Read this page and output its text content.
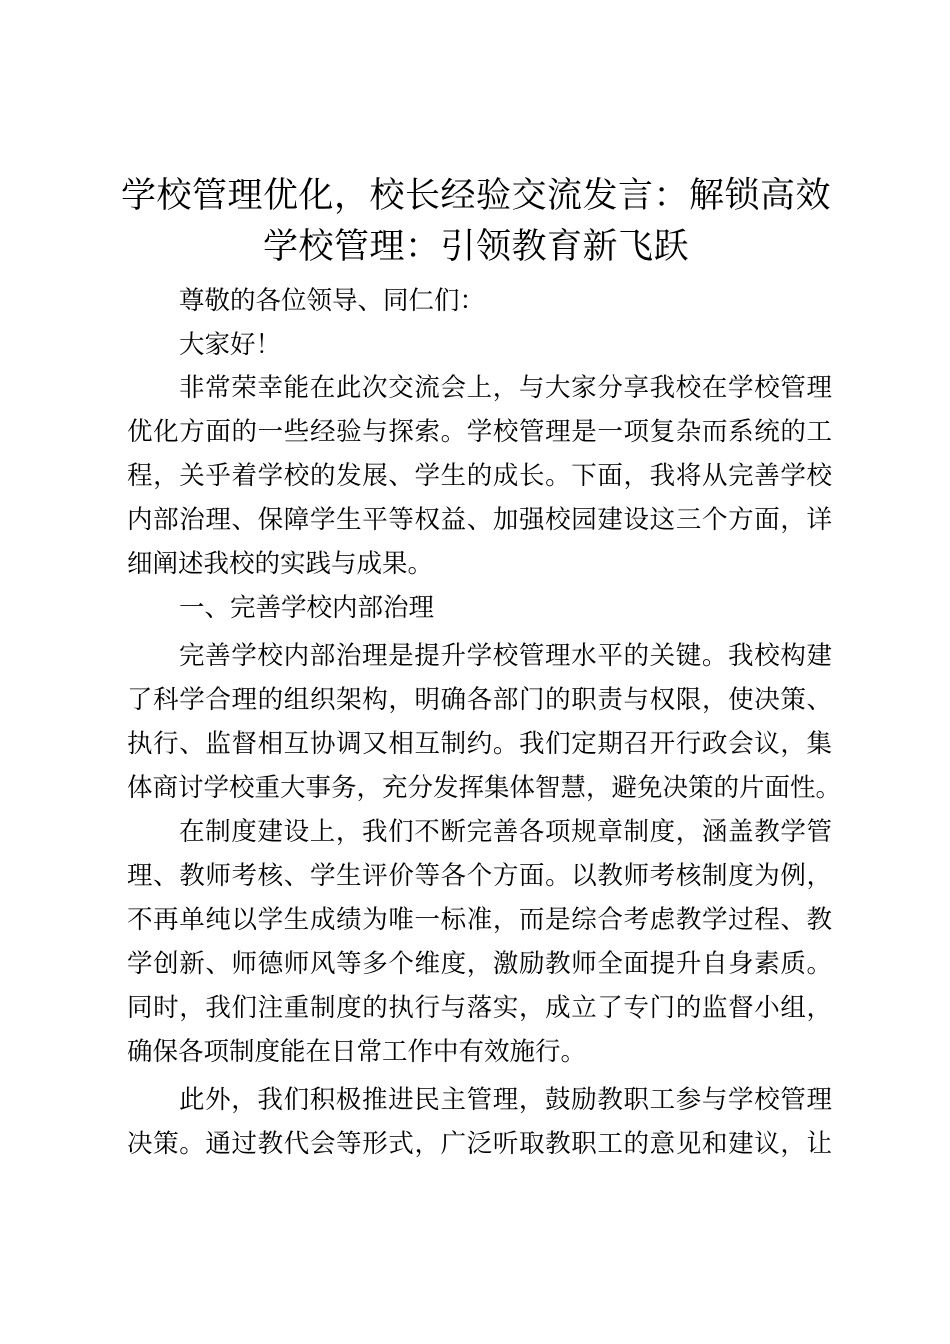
学校管理优化，校长经验交流发言：解锁高效
学校管理：引领教育新飞跃
尊敬的各位领导、同仁们：
大家好！
非常荣幸能在此次交流会上，与大家分享我校在学校管理
优化方面的一些经验与探索。学校管理是一项复杂而系统的工
程，关乎着学校的发展、学生的成长。下面，我将从完善学校
内部治理、保障学生平等权益、加强校园建设这三个方面，详
细阐述我校的实践与成果。
一、完善学校内部治理
完善学校内部治理是提升学校管理水平的关键。我校构建
了科学合理的组织架构，明确各部门的职责与权限，使决策、
执行、监督相互协调又相互制约。我们定期召开行政会议，集
体商讨学校重大事务，充分发挥集体智慧，避免决策的片面性。
在制度建设上，我们不断完善各项规章制度，涵盖教学管
理、教师考核、学生评价等各个方面。以教师考核制度为例，
不再单纯以学生成绩为唯一标准，而是综合考虑教学过程、教
学创新、师德师风等多个维度，激励教师全面提升自身素质。
同时，我们注重制度的执行与落实，成立了专门的监督小组，
确保各项制度能在日常工作中有效施行。
此外，我们积极推进民主管理，鼓励教职工参与学校管理
决策。通过教代会等形式，广泛听取教职工的意见和建议，让
